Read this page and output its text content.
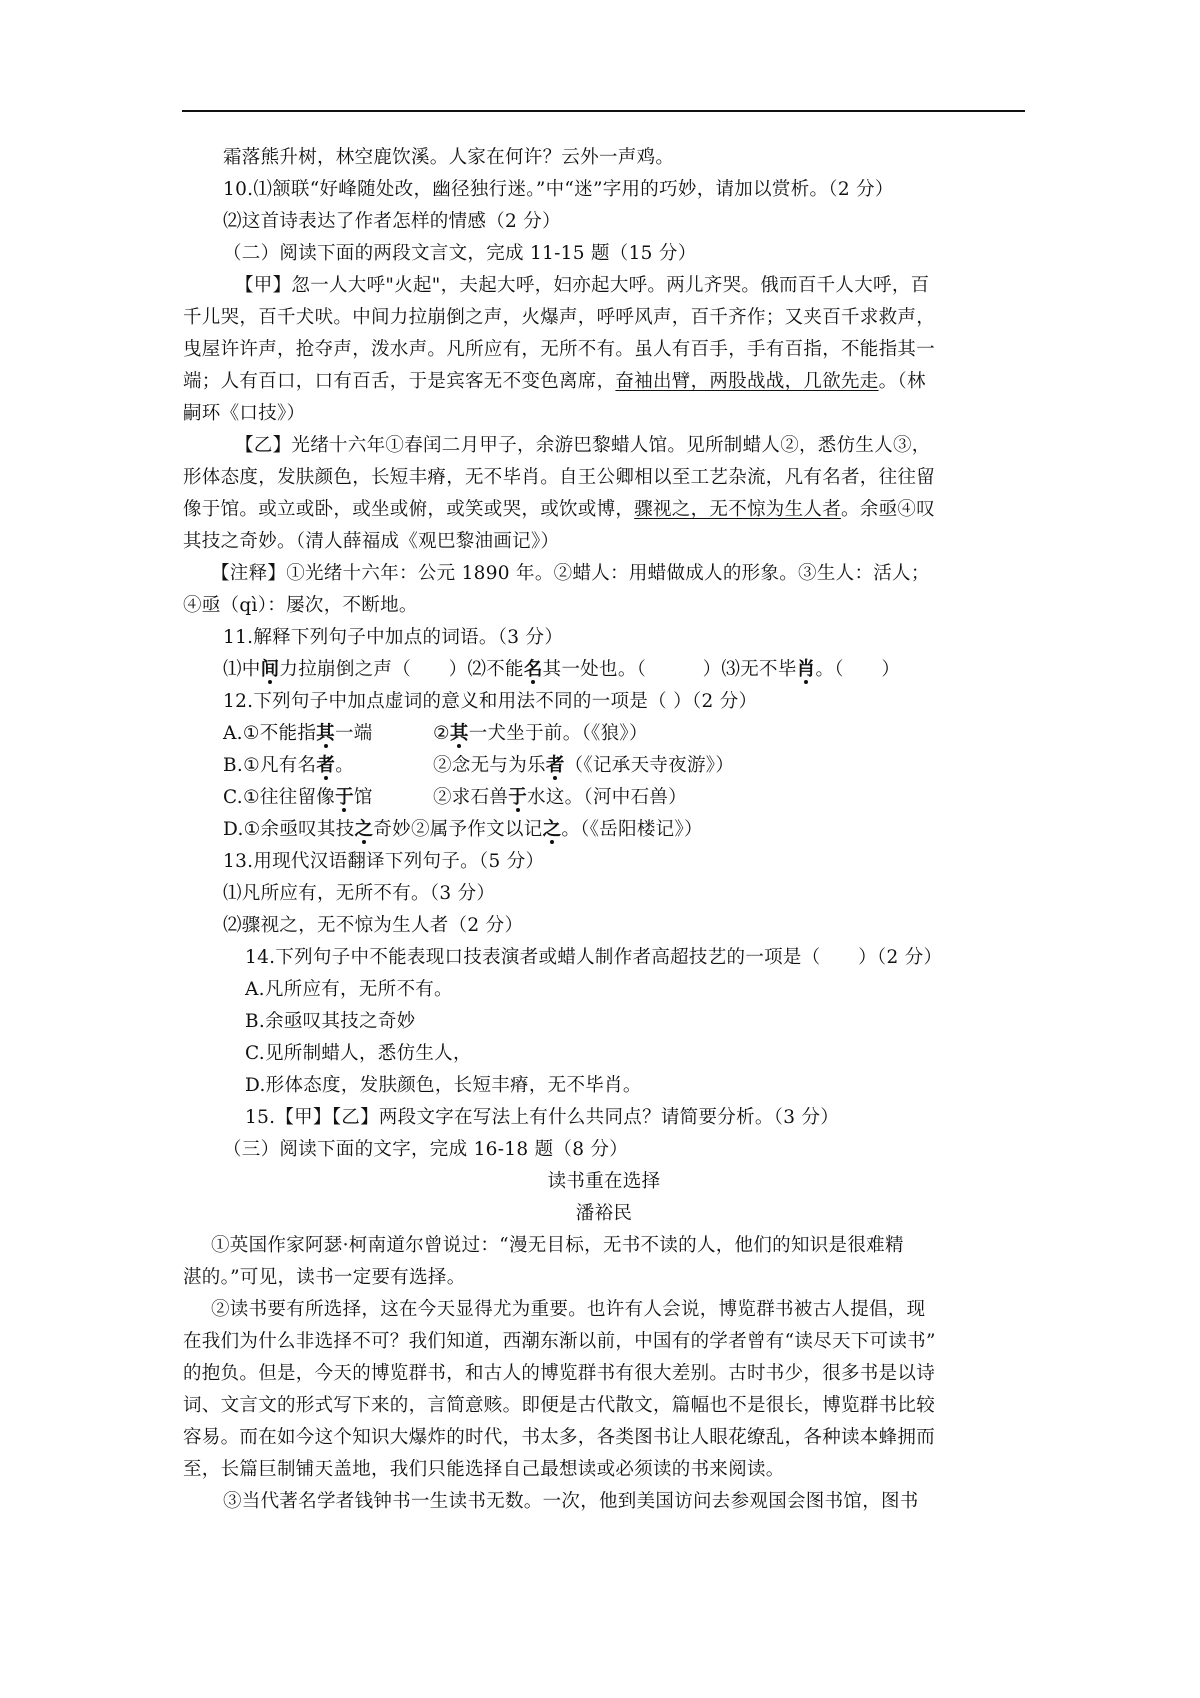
霜落熊升树，林空鹿饮溪。人家在何许？云外一声鸡。
10.⑴颔联“好峰随处改，幽径独行迷。”中“迷”字用的巧妙，请加以赏析。（2 分）
⑵这首诗表达了作者怎样的情感（2 分）
（二）阅读下面的两段文言文，完成 11-15 题（15 分）
【甲】忽一人大呼"火起"，夫起大呼，妇亦起大呼。两儿齐哭。俄而百千人大呼，百
千儿哭，百千犬吠。中间力拉崩倒之声，火爆声，呼呼风声，百千齐作；又夹百千求救声，
曳屋许许声，抢夺声，泼水声。凡所应有，无所不有。虽人有百手，手有百指，不能指其一
端；人有百口，口有百舌，于是宾客无不变色离席，奋袖出臂，两股战战，几欲先走。（林
嗣环《口技》）
【乙】光绪十六年①春闰二月甲子，余游巴黎蜡人馆。见所制蜡人②，悉仿生人③，
形体态度，发肤颜色，长短丰瘠，无不毕肖。自王公卿相以至工艺杂流，凡有名者，往往留
像于馆。或立或卧，或坐或俯，或笑或哭，或饮或博，骤视之，无不惊为生人者。余亟④叹
其技之奇妙。（清人薛福成《观巴黎油画记》）
【注释】①光绪十六年：公元 1890 年。②蜡人：用蜡做成人的形象。③生人：活人；
④亟（qì）：屡次，不断地。
11.解释下列句子中加点的词语。（3 分）
⑴中间力拉崩倒之声（　　）⑵不能名其一处也。（　　　）⑶无不毕肖。（　　）
12.下列句子中加点虚词的意义和用法不同的一项是（ ）（2 分）
A.①不能指其一端	②其一犬坐于前。（《狼》）
B.①凡有名者。	②念无与为乐者（《记承天寺夜游》）
C.①往往留像于馆	②求石兽于水这。（河中石兽）
D.①余亟叹其技之奇妙②属予作文以记之。（《岳阳楼记》）
13.用现代汉语翻译下列句子。（5 分）
⑴凡所应有，无所不有。（3 分）
⑵骤视之，无不惊为生人者（2 分）
14.下列句子中不能表现口技表演者或蜡人制作者高超技艺的一项是（　　）（2 分）
A.凡所应有，无所不有。
B.余亟叹其技之奇妙
C.见所制蜡人，悉仿生人，
D.形体态度，发肤颜色，长短丰瘠，无不毕肖。
15.【甲】【乙】两段文字在写法上有什么共同点？请简要分析。（3 分）
（三）阅读下面的文字，完成 16-18 题（8 分）
读书重在选择
潘裕民
①英国作家阿瑟·柯南道尔曾说过：“漫无目标，无书不读的人，他们的知识是很难精
湛的。”可见，读书一定要有选择。
②读书要有所选择，这在今天显得尤为重要。也许有人会说，博览群书被古人提倡，现
在我们为什么非选择不可？我们知道，西潮东渐以前，中国有的学者曾有“读尽天下可读书”
的抱负。但是，今天的博览群书，和古人的博览群书有很大差别。古时书少，很多书是以诗
词、文言文的形式写下来的，言简意赅。即便是古代散文，篇幅也不是很长，博览群书比较
容易。而在如今这个知识大爆炸的时代，书太多，各类图书让人眼花缭乱，各种读本蜂拥而
至，长篇巨制铺天盖地，我们只能选择自己最想读或必须读的书来阅读。
③当代著名学者钱钟书一生读书无数。一次，他到美国访问去参观国会图书馆，图书
